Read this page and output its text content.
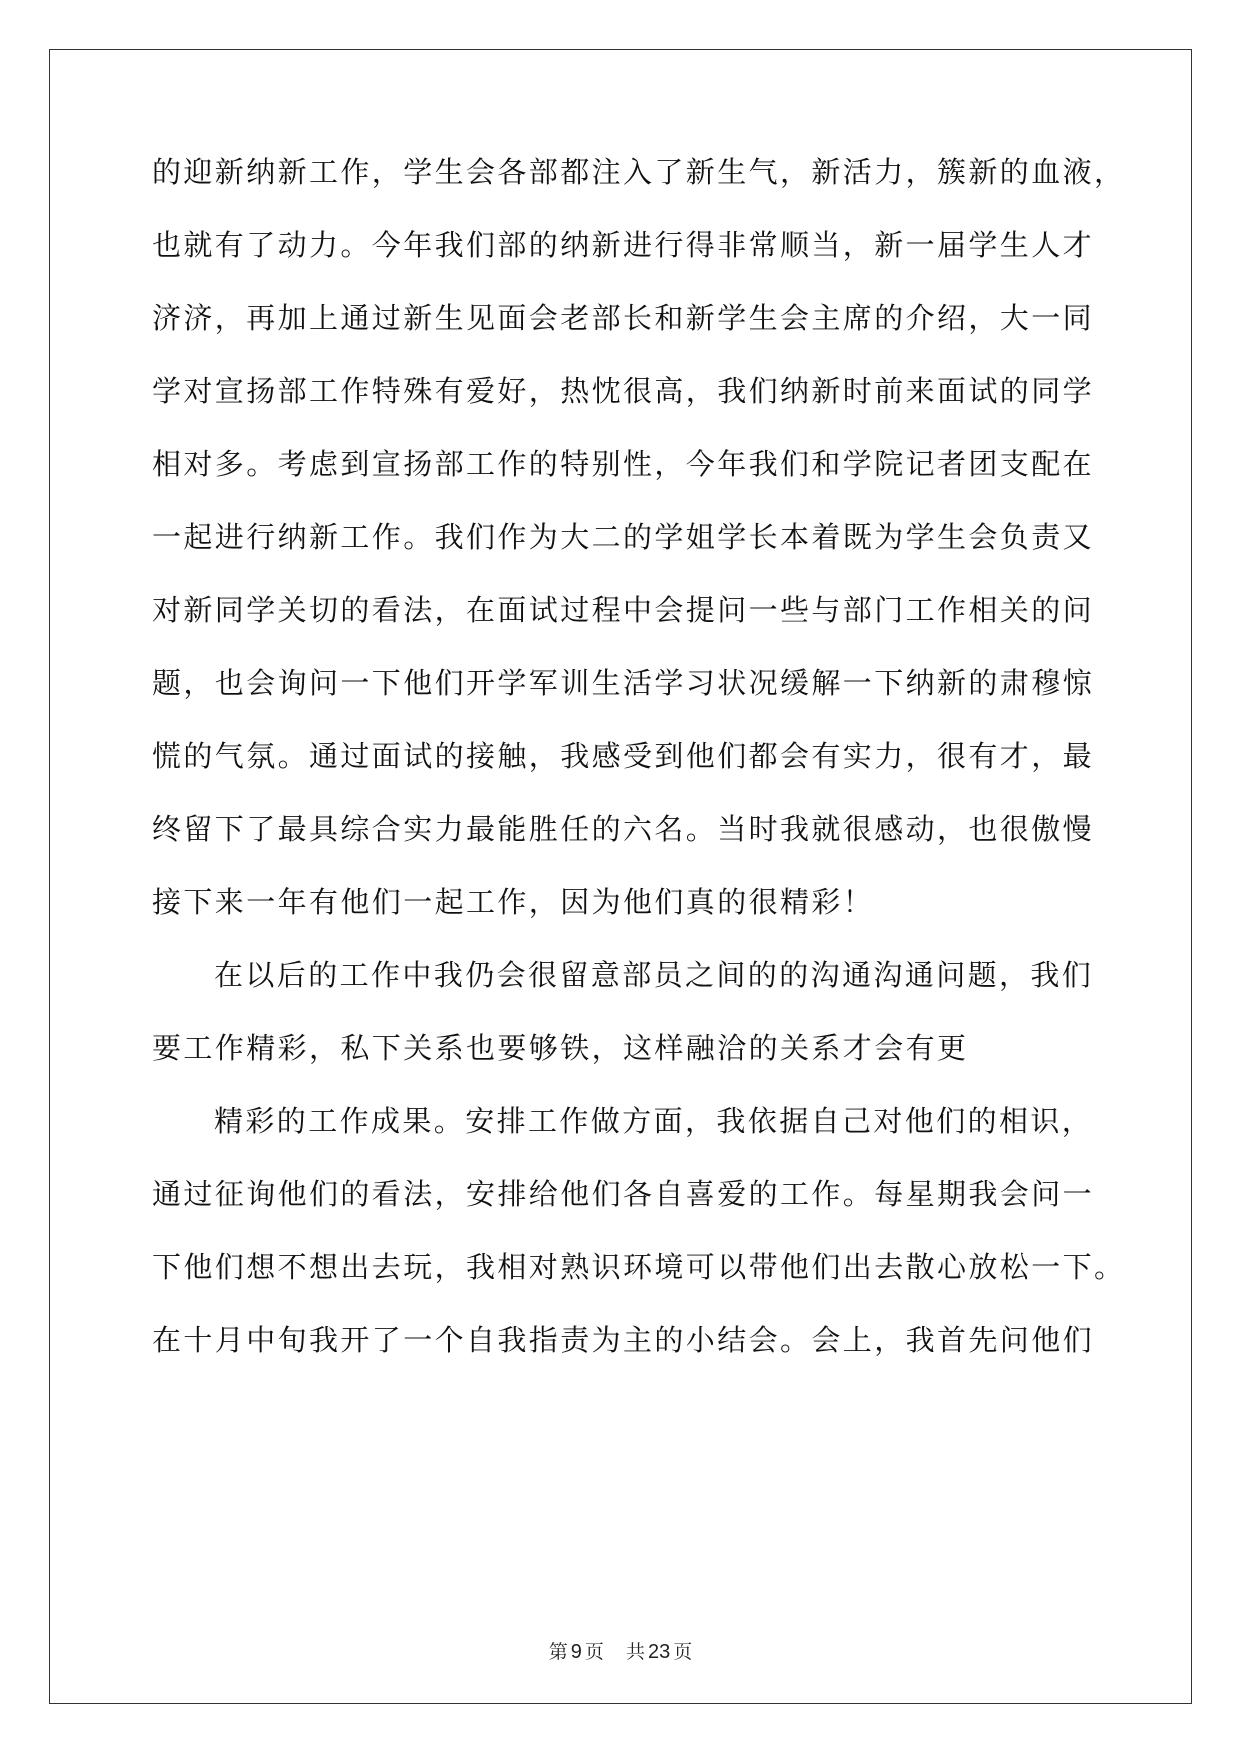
的迎新纳新工作，学生会各部都注入了新生气，新活力，簇新的血液，
也就有了动力。今年我们部的纳新进行得非常顺当，新一届学生人才
济济，再加上通过新生见面会老部长和新学生会主席的介绍，大一同
学对宣扬部工作特殊有爱好，热忱很高，我们纳新时前来面试的同学
相对多。考虑到宣扬部工作的特别性，今年我们和学院记者团支配在
一起进行纳新工作。我们作为大二的学姐学长本着既为学生会负责又
对新同学关切的看法，在面试过程中会提问一些与部门工作相关的问
题，也会询问一下他们开学军训生活学习状况缓解一下纳新的肃穆惊
慌的气氛。通过面试的接触，我感受到他们都会有实力，很有才，最
终留下了最具综合实力最能胜任的六名。当时我就很感动，也很傲慢
接下来一年有他们一起工作，因为他们真的很精彩！
在以后的工作中我仍会很留意部员之间的的沟通沟通问题，我们
要工作精彩，私下关系也要够铁，这样融洽的关系才会有更
精彩的工作成果。安排工作做方面，我依据自己对他们的相识，
通过征询他们的看法，安排给他们各自喜爱的工作。每星期我会问一
下他们想不想出去玩，我相对熟识环境可以带他们出去散心放松一下。
在十月中旬我开了一个自我指责为主的小结会。会上，我首先问他们
第 9 页 共 23 页
